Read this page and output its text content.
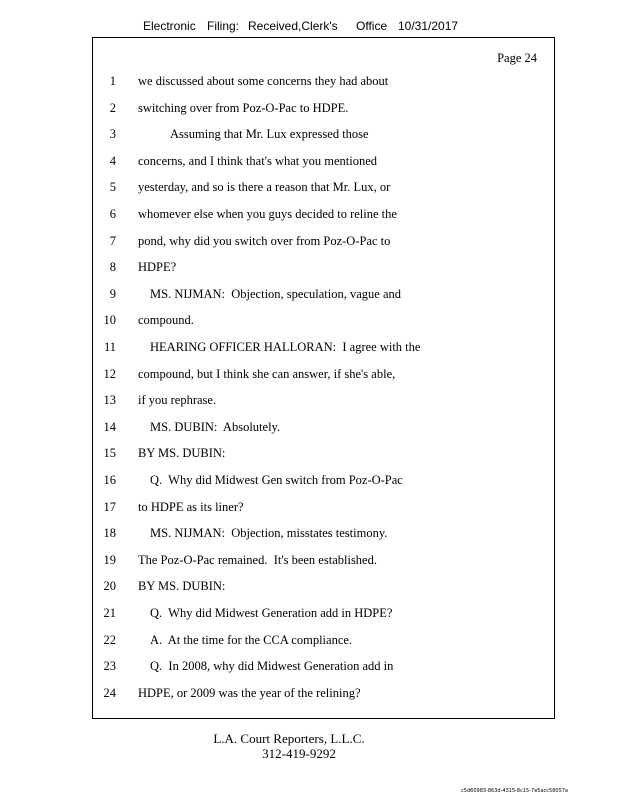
Electronic Filing: Received,Clerk's Office 10/31/2017
Page 24
1 we discussed about some concerns they had about
2 switching over from Poz-O-Pac to HDPE.
3	Assuming that Mr. Lux expressed those
4 concerns, and I think that's what you mentioned
5 yesterday, and so is there a reason that Mr. Lux, or
6 whomever else when you guys decided to reline the
7 pond, why did you switch over from Poz-O-Pac to
8 HDPE?
9	MS. NIJMAN:  Objection, speculation, vague and
10 compound.
11	HEARING OFFICER HALLORAN:  I agree with the
12 compound, but I think she can answer, if she's able,
13 if you rephrase.
14	MS. DUBIN:  Absolutely.
15 BY MS. DUBIN:
16	Q.  Why did Midwest Gen switch from Poz-O-Pac
17 to HDPE as its liner?
18	MS. NIJMAN:  Objection, misstates testimony.
19 The Poz-O-Pac remained.  It's been established.
20 BY MS. DUBIN:
21	Q.  Why did Midwest Generation add in HDPE?
22	A.  At the time for the CCA compliance.
23	Q.  In 2008, why did Midwest Generation add in
24 HDPE, or 2009 was the year of the relining?
L.A. Court Reporters, L.L.C.
312-419-9292
c5d60983-863d-4315-8c15-7e5acc58057a
